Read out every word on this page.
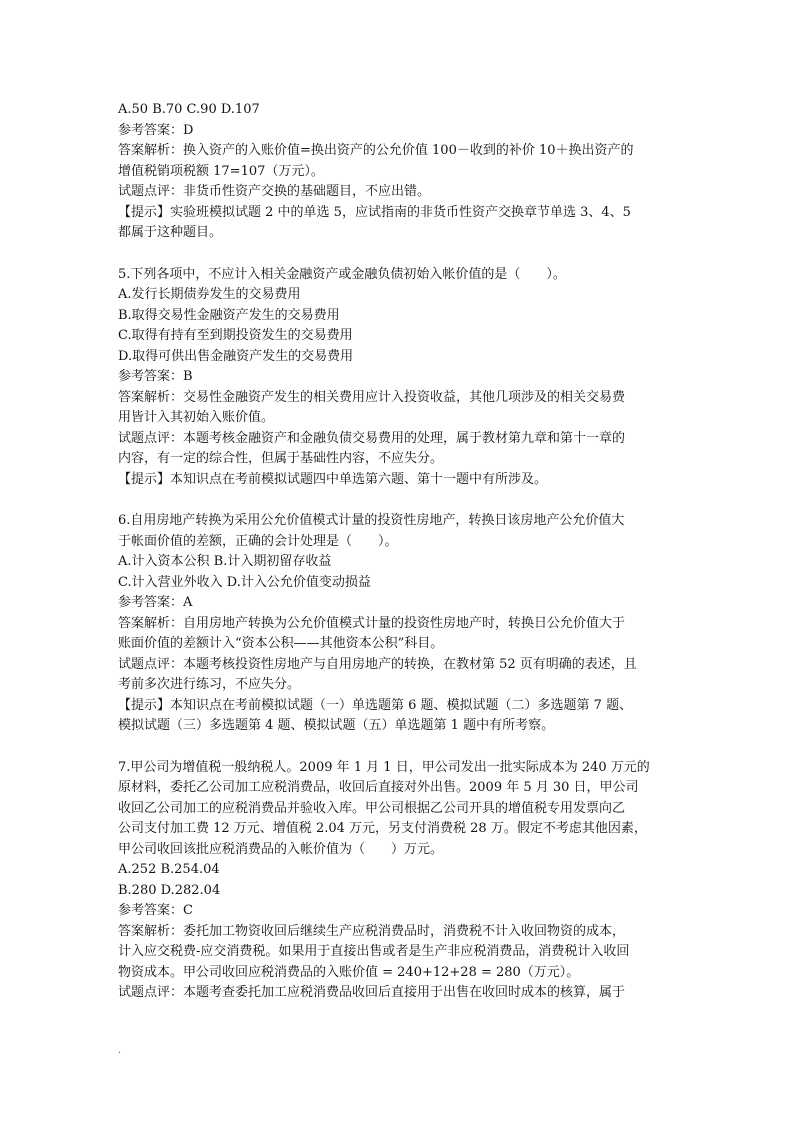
A.50 B.70 C.90 D.107
参考答案：D
答案解析：换入资产的入账价值=换出资产的公允价值 100－收到的补价 10＋换出资产的
增值税销项税额 17=107（万元）。
试题点评：非货币性资产交换的基础题目，不应出错。
【提示】实验班模拟试题 2 中的单选 5，应试指南的非货币性资产交换章节单选 3、4、5
都属于这种题目。
5.下列各项中，不应计入相关金融资产或金融负债初始入帐价值的是（　　）。
A.发行长期债券发生的交易费用
B.取得交易性金融资产发生的交易费用
C.取得有持有至到期投资发生的交易费用
D.取得可供出售金融资产发生的交易费用
参考答案：B
答案解析：交易性金融资产发生的相关费用应计入投资收益，其他几项涉及的相关交易费
用皆计入其初始入账价值。
试题点评：本题考核金融资产和金融负债交易费用的处理，属于教材第九章和第十一章的
内容，有一定的综合性，但属于基础性内容，不应失分。
【提示】本知识点在考前模拟试题四中单选第六题、第十一题中有所涉及。
6.自用房地产转换为采用公允价值模式计量的投资性房地产，转换日该房地产公允价值大
于帐面价值的差额，正确的会计处理是（　　）。
A.计入资本公积 B.计入期初留存收益
C.计入营业外收入 D.计入公允价值变动损益
参考答案：A
答案解析：自用房地产转换为公允价值模式计量的投资性房地产时，转换日公允价值大于
账面价值的差额计入“资本公积——其他资本公积”科目。
试题点评：本题考核投资性房地产与自用房地产的转换，在教材第 52 页有明确的表述，且
考前多次进行练习，不应失分。
【提示】本知识点在考前模拟试题（一）单选题第 6 题、模拟试题（二）多选题第 7 题、
模拟试题（三）多选题第 4 题、模拟试题（五）单选题第 1 题中有所考察。
7.甲公司为增值税一般纳税人。2009 年 1 月 1 日，甲公司发出一批实际成本为 240 万元的
原材料，委托乙公司加工应税消费品，收回后直接对外出售。2009 年 5 月 30 日，甲公司
收回乙公司加工的应税消费品并验收入库。甲公司根据乙公司开具的增值税专用发票向乙
公司支付加工费 12 万元、增值税 2.04 万元，另支付消费税 28 万。假定不考虑其他因素，
甲公司收回该批应税消费品的入帐价值为（　　）万元。
A.252 B.254.04
B.280 D.282.04
参考答案：C
答案解析：委托加工物资收回后继续生产应税消费品时，消费税不计入收回物资的成本，
计入应交税费-应交消费税。如果用于直接出售或者是生产非应税消费品，消费税计入收回
物资成本。甲公司收回应税消费品的入账价值 = 240+12+28 = 280（万元）。
试题点评：本题考查委托加工应税消费品收回后直接用于出售在收回时成本的核算，属于
.
